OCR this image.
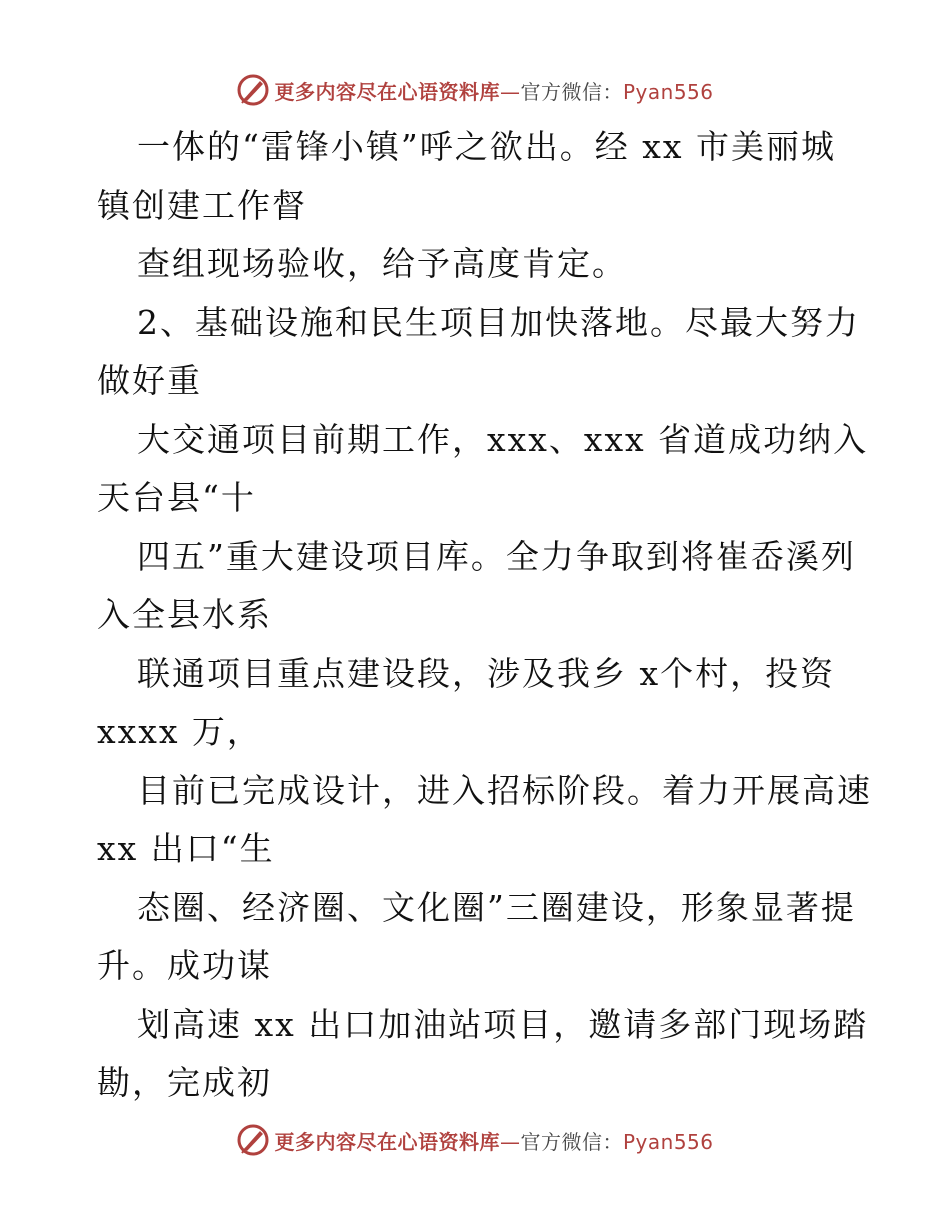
更多内容尽在心语资料库—官方微信：Pyan556
一体的“雷锋小镇”呼之欲出。经 xx 市美丽城
镇创建工作督
查组现场验收，给予高度肯定。
2、基础设施和民生项目加快落地。尽最大努力
做好重
大交通项目前期工作，xxx、xxx 省道成功纳入
天台县“十
四五”重大建设项目库。全力争取到将崔岙溪列
入全县水系
联通项目重点建设段，涉及我乡 x个村，投资
xxxx 万，
目前已完成设计，进入招标阶段。着力开展高速
xx 出口“生
态圈、经济圈、文化圈”三圈建设，形象显著提
升。成功谋
划高速 xx 出口加油站项目，邀请多部门现场踏
勘，完成初
更多内容尽在心语资料库—官方微信：Pyan556
